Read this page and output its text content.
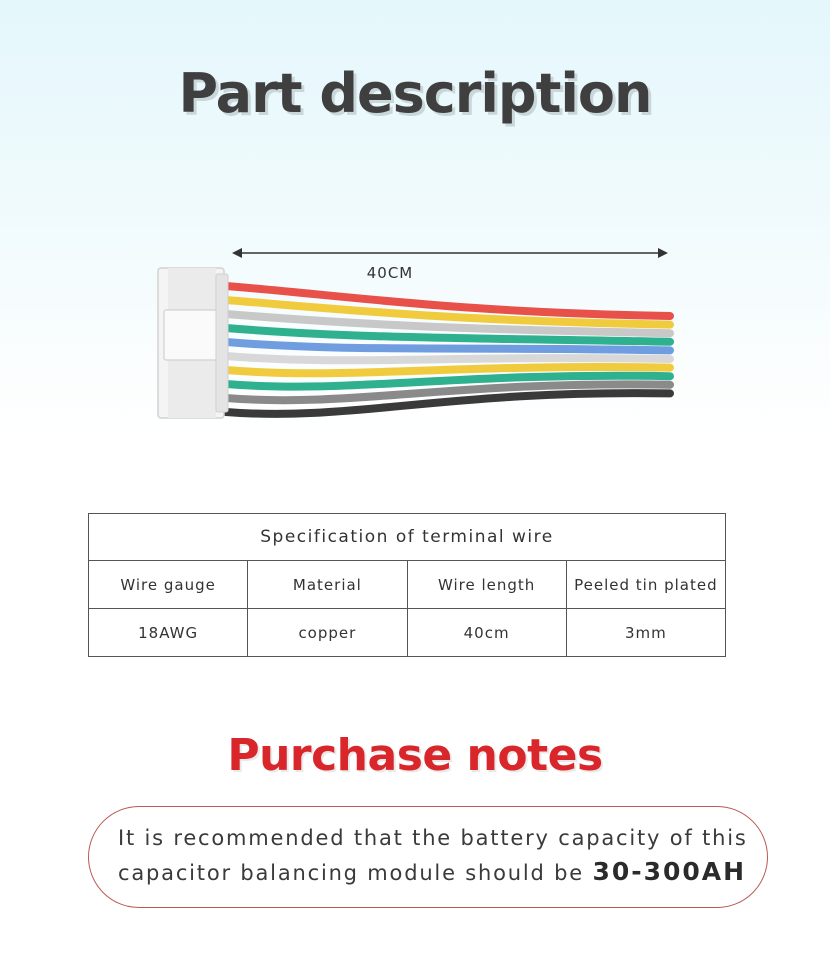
Part description
40CM
Specification of terminal wire			
Wire gauge	Material	Wire length	Peeled tin plated
18AWG	copper	40cm	3mm
Purchase notes
It is recommended that the battery capacity of this
capacitor balancing module should be 30-300AH
